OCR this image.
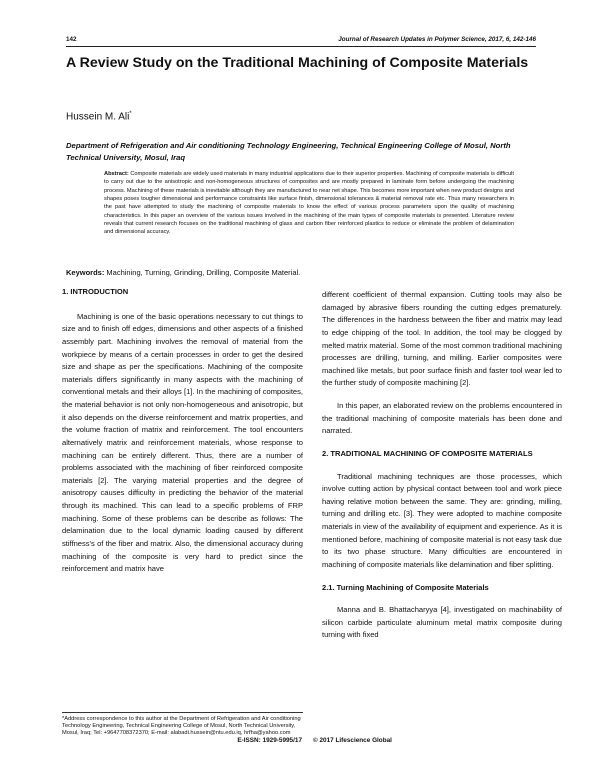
142	Journal of Research Updates in Polymer Science, 2017, 6, 142-146
A Review Study on the Traditional Machining of Composite Materials
Hussein M. Ali*
Department of Refrigeration and Air conditioning Technology Engineering, Technical Engineering College of Mosul, North Technical University, Mosul, Iraq
Abstract: Composite materials are widely used materials in many industrial applications due to their superior properties. Machining of composite materials is difficult to carry out due to the anisotropic and non-homogeneous structures of composites and are mostly prepared in laminate form before undergoing the machining process. Machining of these materials is inevitable although they are manufactured to near net shape. This becomes more important when new product designs and shapes poses tougher dimensional and performance constraints like surface finish, dimensional tolerances & material removal rate etc. Thus many researchers in the past have attempted to study the machining of composite materials to know the effect of various process parameters upon the quality of machining characteristics. In this paper an overview of the various issues involved in the machining of the main types of composite materials is presented. Literature review reveals that current research focuses on the traditional machining of glass and carbon fiber reinforced plastics to reduce or eliminate the problem of delamination and dimensional accuracy.
Keywords: Machining, Turning, Grinding, Drilling, Composite Material.
1. INTRODUCTION

Machining is one of the basic operations necessary to cut things to size and to finish off edges, dimensions and other aspects of a finished assembly part. Machining involves the removal of material from the workpiece by means of a certain processes in order to get the desired size and shape as per the specifications. Machining of the composite materials differs significantly in many aspects with the machining of conventional metals and their alloys [1]. In the machining of composites, the material behavior is not only non-homogeneous and anisotropic, but it also depends on the diverse reinforcement and matrix properties, and the volume fraction of matrix and reinforcement. The tool encounters alternatively matrix and reinforcement materials, whose response to machining can be entirely different. Thus, there are a number of problems associated with the machining of fiber reinforced composite materials [2]. The varying material properties and the degree of anisotropy causes difficulty in predicting the behavior of the material through its machined. This can lead to a specific problems of FRP machining. Some of these problems can be describe as follows: The delamination due to the local dynamic loading caused by different stiffness's of the fiber and matrix. Also, the dimensional accuracy during machining of the composite is very hard to predict since the reinforcement and matrix have

different coefficient of thermal expansion. Cutting tools may also be damaged by abrasive fibers rounding the cutting edges prematurely. The differences in the hardness between the fiber and matrix may lead to edge chipping of the tool. In addition, the tool may be clogged by melted matrix material. Some of the most common traditional machining processes are drilling, turning, and milling. Earlier composites were machined like metals, but poor surface finish and faster tool wear led to the further study of composite machining [2].

In this paper, an elaborated review on the problems encountered in the traditional machining of composite materials has been done and narrated.

2. TRADITIONAL MACHINING OF COMPOSITE MATERIALS

Traditional machining techniques are those processes, which involve cutting action by physical contact between tool and work piece having relative motion between the same. They are: grinding, milling, turning and drilling etc. [3]. They were adopted to machine composite materials in view of the availability of equipment and experience. As it is mentioned before, machining of composite material is not easy task due to its two phase structure. Many difficulties are encountered in machining of composite materials like delamination and fiber splitting.

2.1. Turning Machining of Composite Materials

Manna and B. Bhattacharyya [4], investigated on machinability of silicon carbide particulate aluminum metal matrix composite during turning with fixed

*Address correspondence to this author at the Department of Refrigeration and Air conditioning Technology Engineering, Technical Engineering College of Mosul, North Technical University, Mosul, Iraq; Tel: +9647708372370; E-mail: alabadi.hussein@ntu.edu.iq, hrfha@yahoo.com
E-ISSN: 1929-5995/17 © 2017 Lifescience Global
